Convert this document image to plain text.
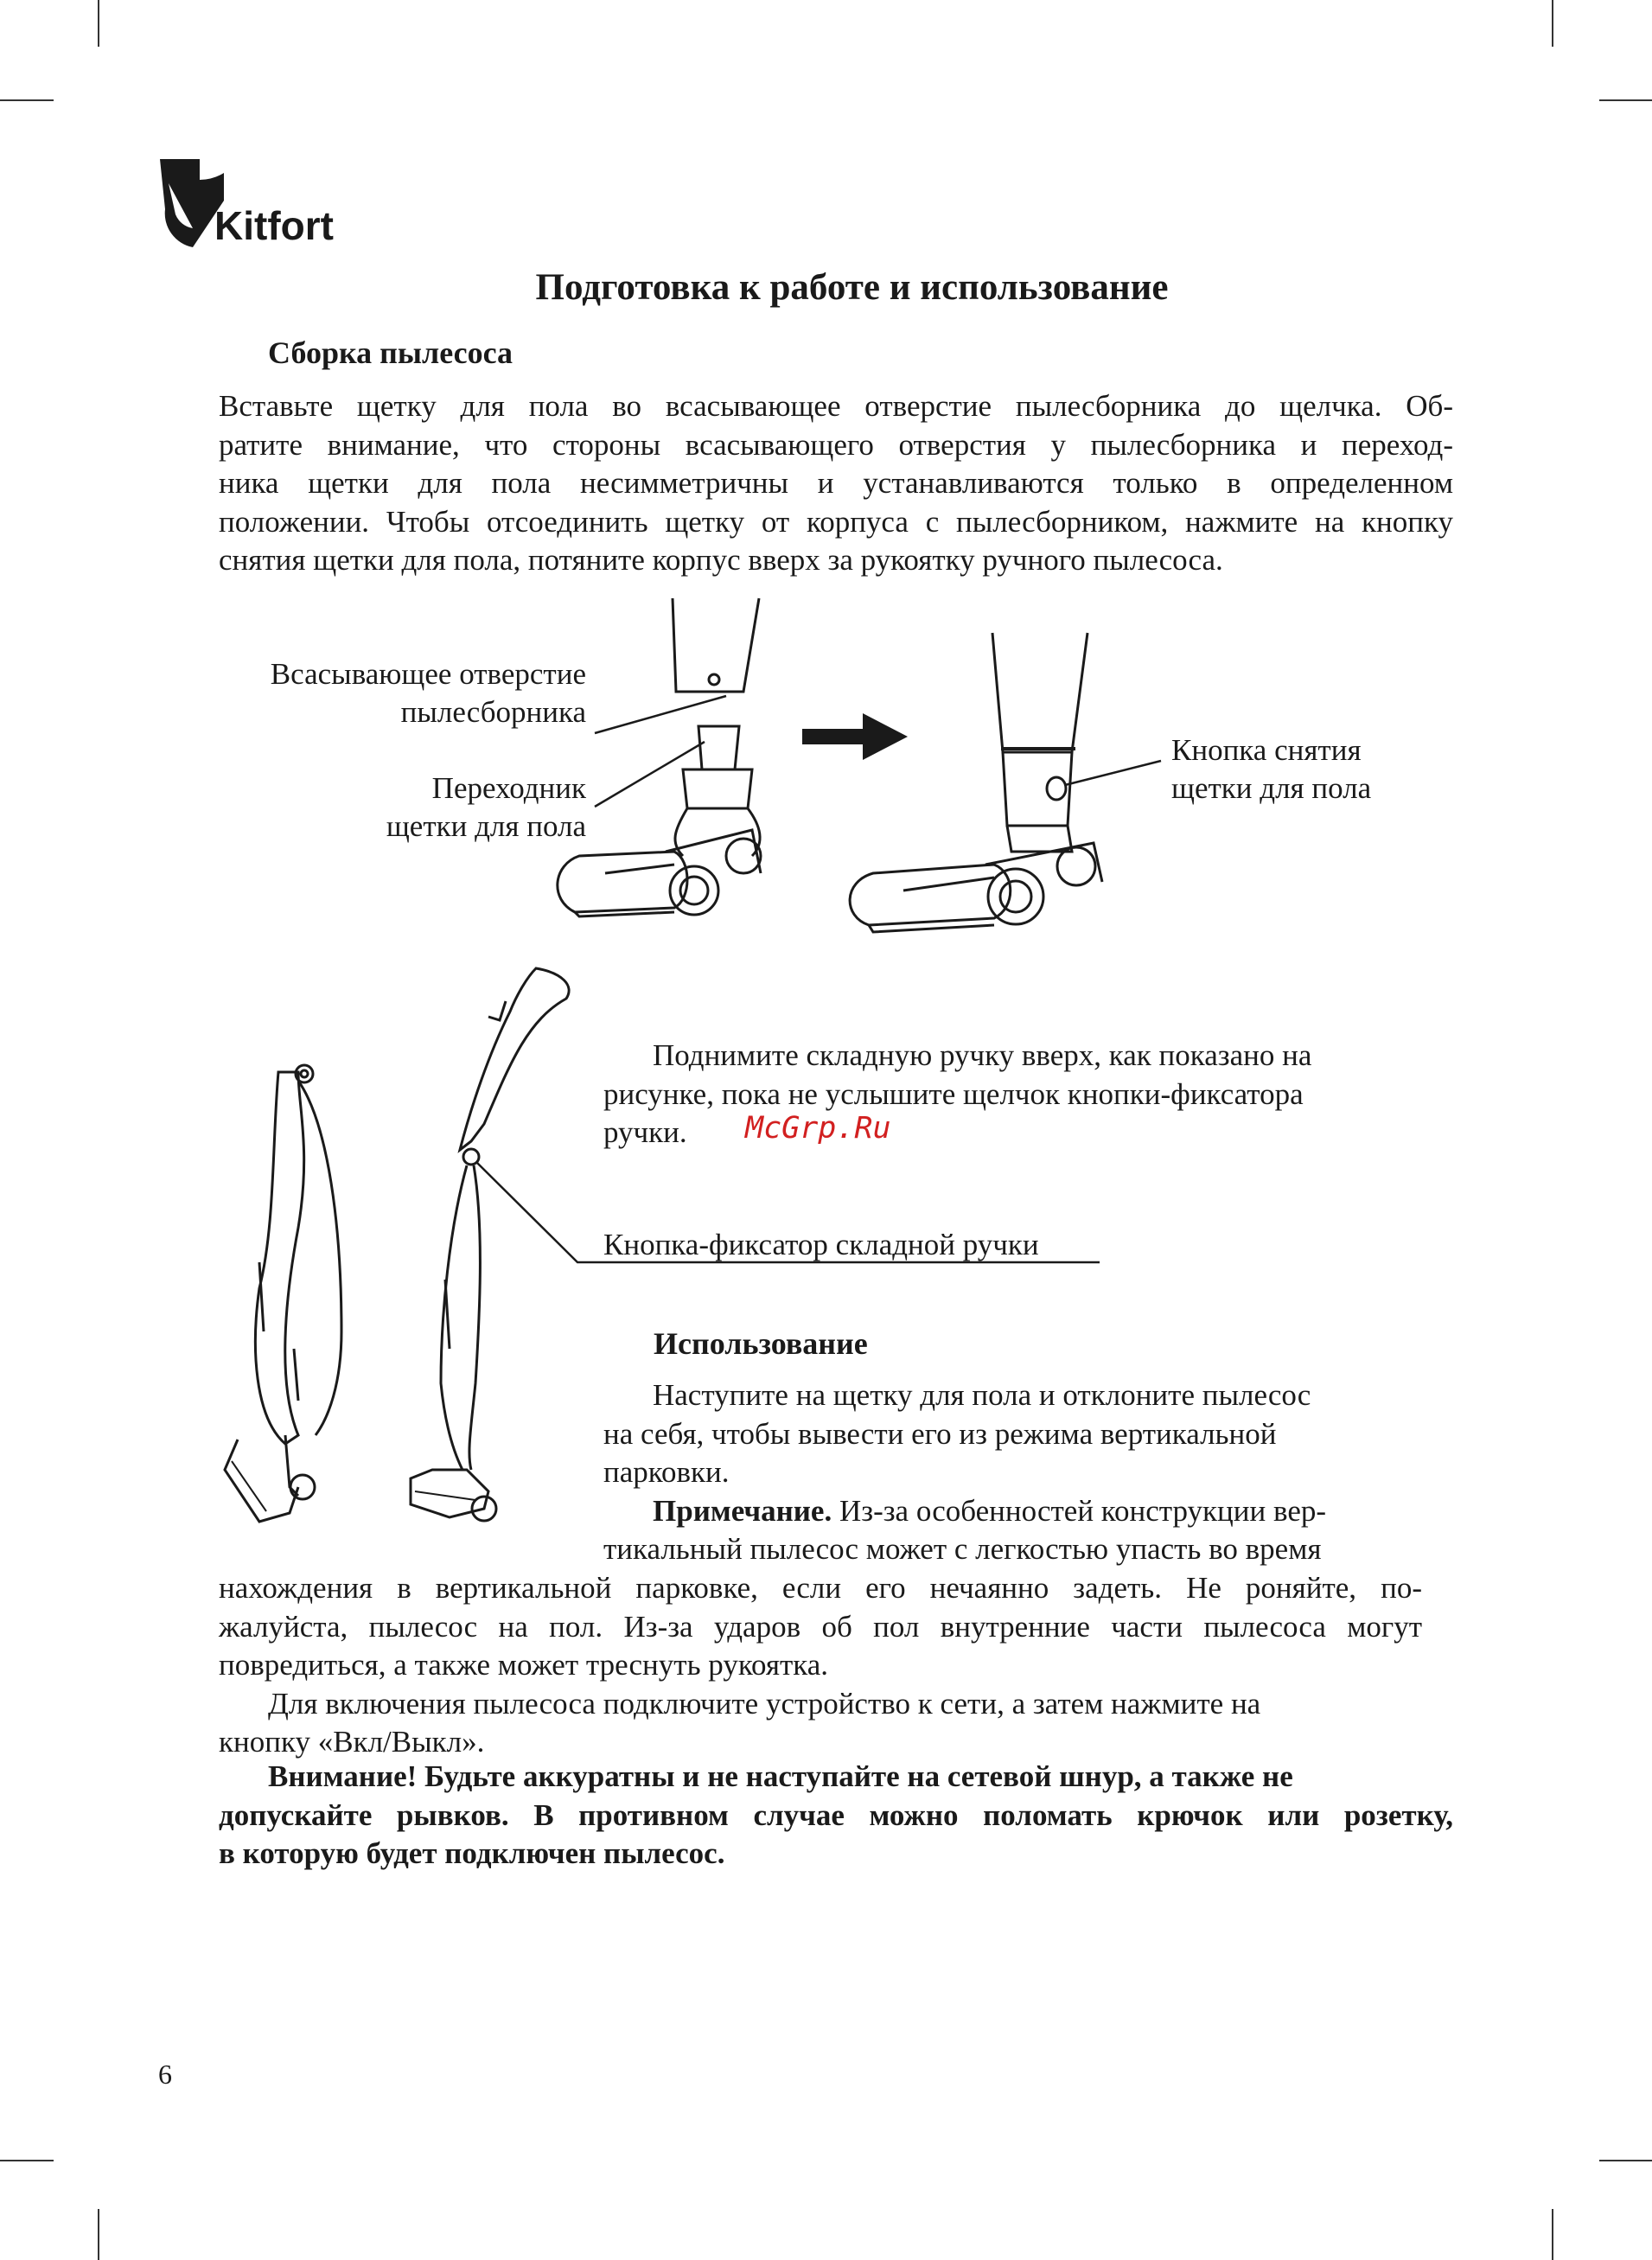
Kitfort
Подготовка к работе и использование
Сборка пылесоса
Вставьте щетку для пола во всасывающее отверстие пылесборника до щелчка. Об-
ратите внимание, что стороны всасывающего отверстия у пылесборника и переход-
ника щетки для пола несимметричны и устанавливаются только в определенном
положении. Чтобы отсоединить щетку от корпуса с пылесборником, нажмите на кнопку
снятия щетки для пола, потяните корпус вверх за рукоятку ручного пылесоса.
Всасывающее отверстие
пылесборника
Переходник
щетки для пола
Кнопка снятия
щетки для пола
Поднимите складную ручку вверх, как показано на
рисунке, пока не услышите щелчок кнопки-фиксатора
ручки.	McGrp.Ru
Кнопка-фиксатор складной ручки
Использование
Наступите на щетку для пола и отклоните пылесос
на себя, чтобы вывести его из режима вертикальной
парковки.
Примечание. Из-за особенностей конструкции вер-
тикальный пылесос может с легкостью упасть во время
нахождения в вертикальной парковке, если его нечаянно задеть. Не роняйте, по-
жалуйста, пылесос на пол. Из-за ударов об пол внутренние части пылесоса могут
повредиться, а также может треснуть рукоятка.
Для включения пылесоса подключите устройство к сети, а затем нажмите на
кнопку «Вкл/Выкл».
Внимание! Будьте аккуратны и не наступайте на сетевой шнур, а также не
допускайте рывков. В противном случае можно поломать крючок или розетку,
в которую будет подключен пылесос.
6
